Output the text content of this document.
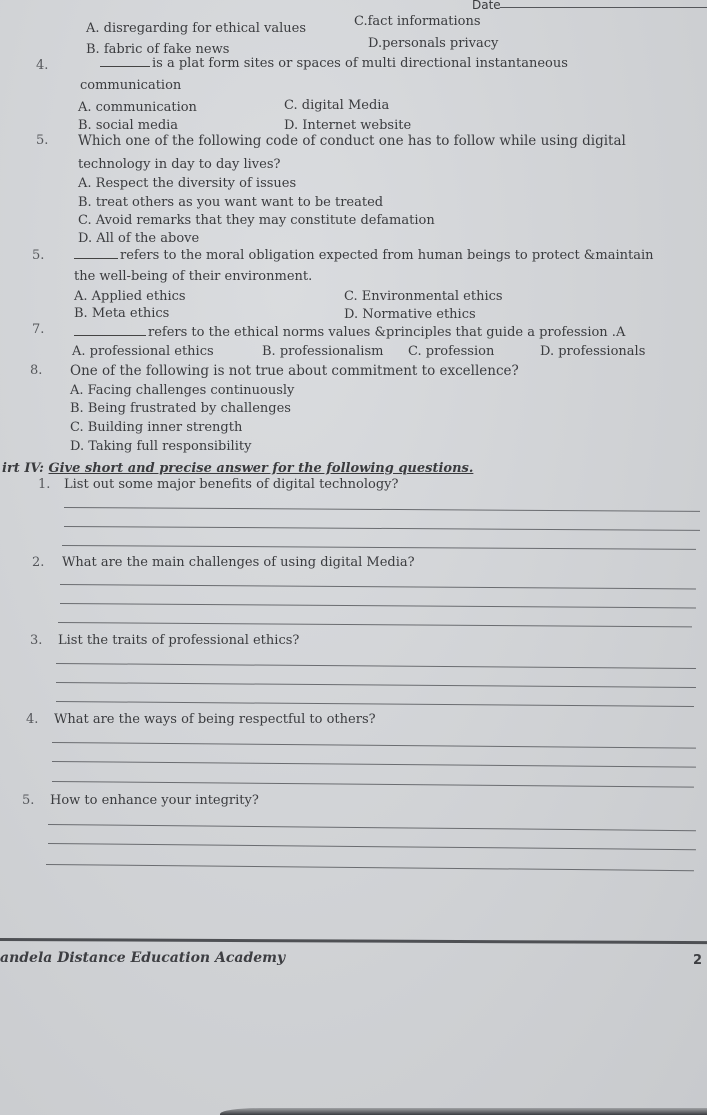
Date
A. disregarding for ethical values	C.fact informations
B. fabric of fake news	D.personals privacy
4.	is a plat form sites or spaces of multi directional instantaneous
communication
A. communication	C. digital Media
B. social media	D. Internet website
5. Which one of the following code of conduct one has to follow while using digital
technology in day to day lives?
A. Respect the diversity of issues
B. treat others as you want want to be treated
C. Avoid remarks that they may constitute defamation
D. All of the above
5.	refers to the moral obligation expected from human beings to protect &maintain
the well-being of their environment.
A. Applied ethics	C. Environmental ethics
B. Meta ethics	D. Normative ethics
7.	refers to the ethical norms values &principles that guide a profession .A
A. professional ethics	B. professionalism C. profession	D. professionals
8. One of the following is not true about commitment to excellence?
A. Facing challenges continuously
B. Being frustrated by challenges
C. Building inner strength
D. Taking full responsibility
irt IV: Give short and precise answer for the following questions.
1. List out some major benefits of digital technology?
2. What are the main challenges of using digital Media?
3. List the traits of professional ethics?
4. What are the ways of being respectful to others?
5. How to enhance your integrity?
andela Distance Education Academy	2
